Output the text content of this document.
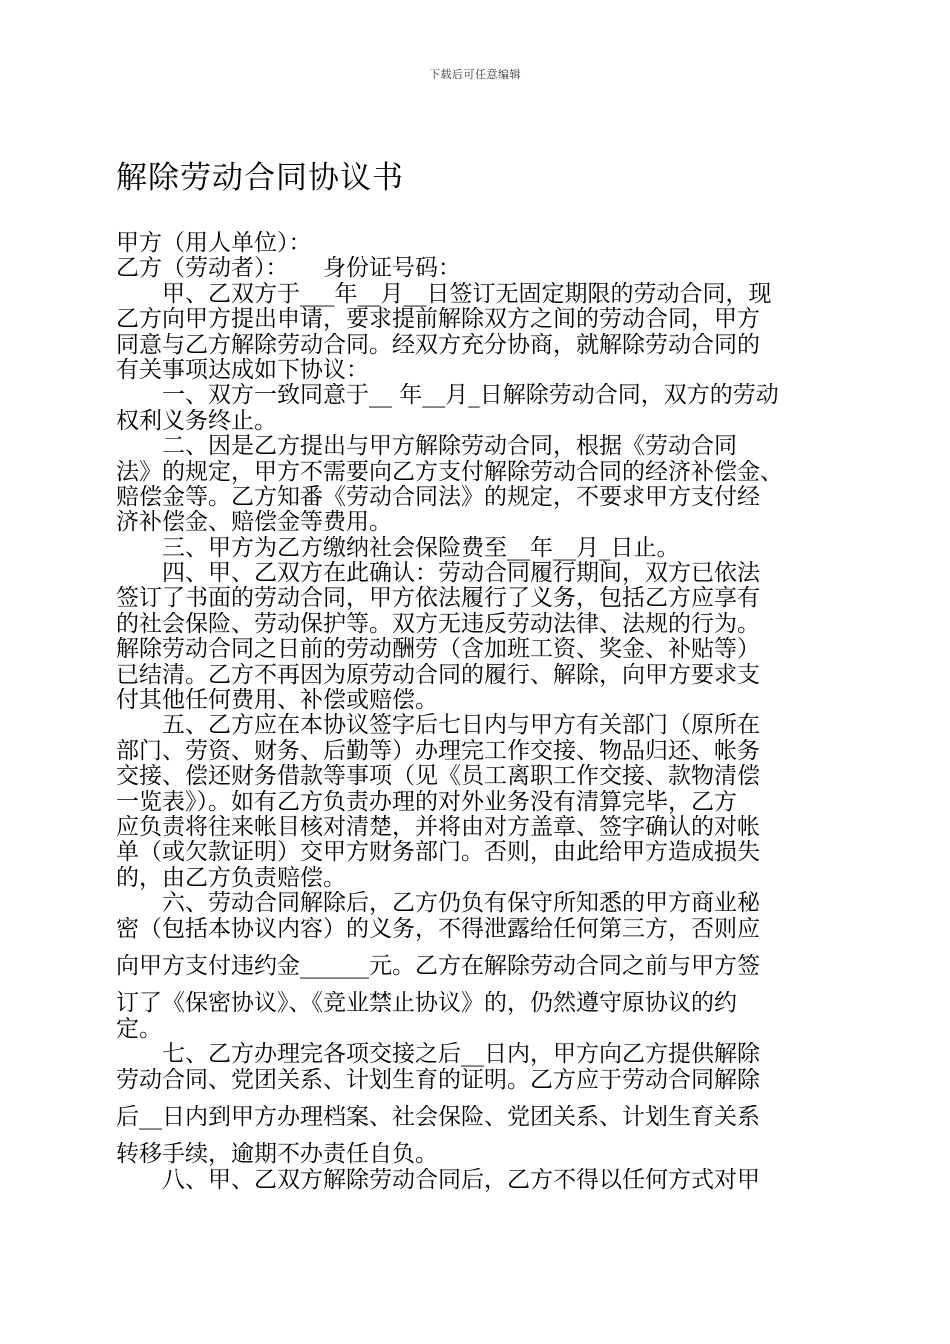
下载后可任意编辑
解除劳动合同协议书
甲方（用人单位）：
乙方（劳动者）：　　身份证号码：
甲、乙双方于___年__月__日签订无固定期限的劳动合同，现
乙方向甲方提出申请，要求提前解除双方之间的劳动合同，甲方
同意与乙方解除劳动合同。经双方充分协商，就解除劳动合同的
有关事项达成如下协议：
一、双方一致同意于__ 年__月_日解除劳动合同，双方的劳动
权利义务终止。
二、因是乙方提出与甲方解除劳动合同，根据《劳动合同
法》的规定，甲方不需要向乙方支付解除劳动合同的经济补偿金、
赔偿金等。乙方知番《劳动合同法》的规定，不要求甲方支付经
济补偿金、赔偿金等费用。
三、甲方为乙方缴纳社会保险费至__年__月_日止。
四、甲、乙双方在此确认：劳动合同履行期间，双方已依法
签订了书面的劳动合同，甲方依法履行了义务，包括乙方应享有
的社会保险、劳动保护等。双方无违反劳动法律、法规的行为。
解除劳动合同之日前的劳动酬劳（含加班工资、奖金、补贴等）
已结清。乙方不再因为原劳动合同的履行、解除，向甲方要求支
付其他任何费用、补偿或赔偿。
五、乙方应在本协议签字后七日内与甲方有关部门（原所在
部门、劳资、财务、后勤等）办理完工作交接、物品归还、帐务
交接、偿还财务借款等事项（见《员工离职工作交接、款物清偿
一览表》）。如有乙方负责办理的对外业务没有清算完毕，乙方
应负责将往来帐目核对清楚，并将由对方盖章、签字确认的对帐
单（或欠款证明）交甲方财务部门。否则，由此给甲方造成损失
的，由乙方负责赔偿。
六、劳动合同解除后，乙方仍负有保守所知悉的甲方商业秘
密（包括本协议内容）的义务，不得泄露给任何第三方，否则应
向甲方支付违约金______元。乙方在解除劳动合同之前与甲方签
订了《保密协议》、《竞业禁止协议》的，仍然遵守原协议的约
定。
七、乙方办理完各项交接之后__日内，甲方向乙方提供解除
劳动合同、党团关系、计划生育的证明。乙方应于劳动合同解除
后__日内到甲方办理档案、社会保险、党团关系、计划生育关系
转移手续，逾期不办责任自负。
八、甲、乙双方解除劳动合同后，乙方不得以任何方式对甲
